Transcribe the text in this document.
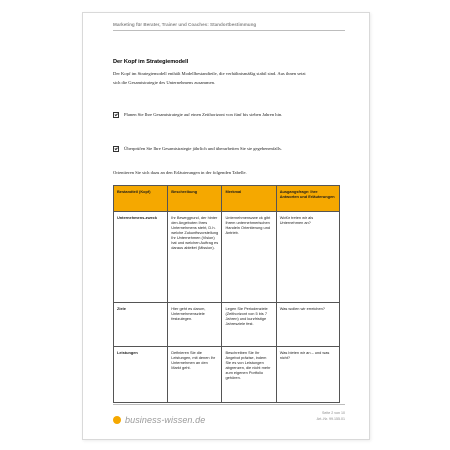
Marketing für Berater, Trainer und Coaches: Standortbestimmung
Der Kopf im Strategiemodell
Der Kopf im Strategiemodell enthält Modellbestandteile, die verhältnismäßig stabil sind. Aus ihnen setzt sich die Gesamtstrategie des Unternehmens zusammen.
Planen Sie Ihre Gesamtstrategie auf einen Zeithorizont von fünf bis sieben Jahren hin.
Überprüfen Sie Ihre Gesamtstrategie jährlich und überarbeiten Sie sie gegebenenfalls.
Orientieren Sie sich dazu an den Erläuterungen in der folgenden Tabelle.
Bestandteil (Kopf)	Beschreibung	Merkmal	Ausgangsfrage: Ihre Antworten und Erläuterungen
Unternehmens-zweck	Ihr Beweggrund, der hinter den Angeboten Ihres Unternehmens steht, D.h. welche Zukunftsvorstellung Ihr Unternehmen (Vision) hat und welchen Auftrag es daraus ableitet (Mission).	Unternehmenszwe ck gibt Ihrem unternehmerischen Handeln Orientierung und Antrieb.	Wofür treten wir als Unternehmen an?
Ziele	Hier geht es darum, Unternehmensziele festzulegen.	Legen Sie Periodenziele (Zeithorizont von 5 bis 7 Jahren) und kurzfristige Jahresziele fest.	Was wollen wir erreichen?
Leistungen	Definieren Sie die Leistungen, mit denen Ihr Unternehmen an den Markt geht.	Beschreiben Sie Ihr Angebot präzise, indem Sie es von Leistungen abgrenzen, die nicht mehr zum eigenen Portfolio gehören.	Was bieten wir an – und was nicht?
business-wissen.de
Seite 2 von 10
Art.-Nr. 99.155.01
